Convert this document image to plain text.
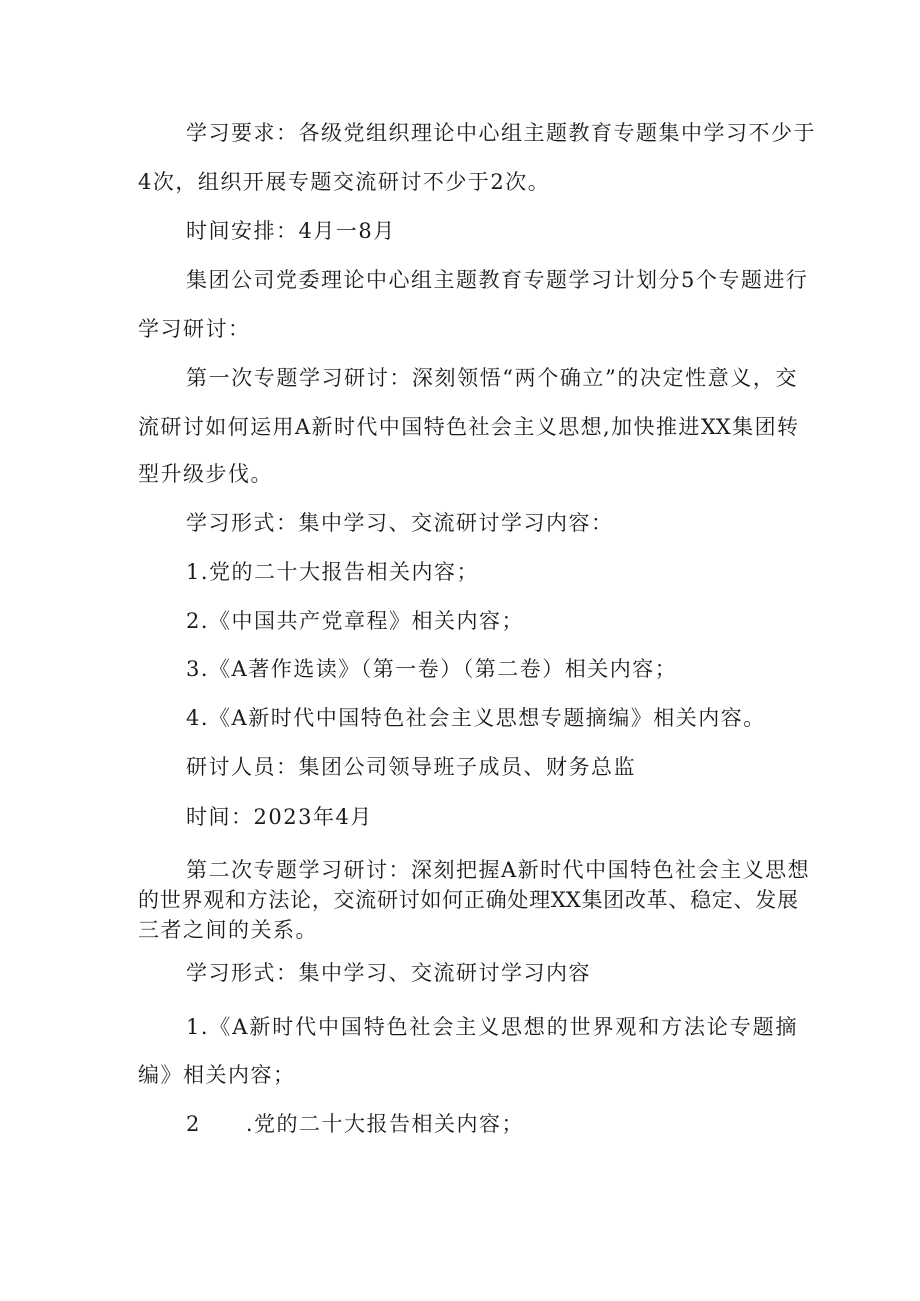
学习要求：各级党组织理论中心组主题教育专题集中学习不少于
4次，组织开展专题交流研讨不少于2次。
时间安排：4月一8月
集团公司党委理论中心组主题教育专题学习计划分5个专题进行
学习研讨：
第一次专题学习研讨：深刻领悟“两个确立”的决定性意义，交
流研讨如何运用A新时代中国特色社会主义思想,加快推进XX集团转
型升级步伐。
学习形式：集中学习、交流研讨学习内容：
1.党的二十大报告相关内容；
2.《中国共产党章程》相关内容；
3.《A著作选读》（第一卷）（第二卷）相关内容；
4.《A新时代中国特色社会主义思想专题摘编》相关内容。
研讨人员：集团公司领导班子成员、财务总监
时间：2023年4月
第二次专题学习研讨：深刻把握A新时代中国特色社会主义思想
的世界观和方法论，交流研讨如何正确处理XX集团改革、稳定、发展
三者之间的关系。
学习形式：集中学习、交流研讨学习内容
1.《A新时代中国特色社会主义思想的世界观和方法论专题摘
编》相关内容；
2　　.党的二十大报告相关内容；
